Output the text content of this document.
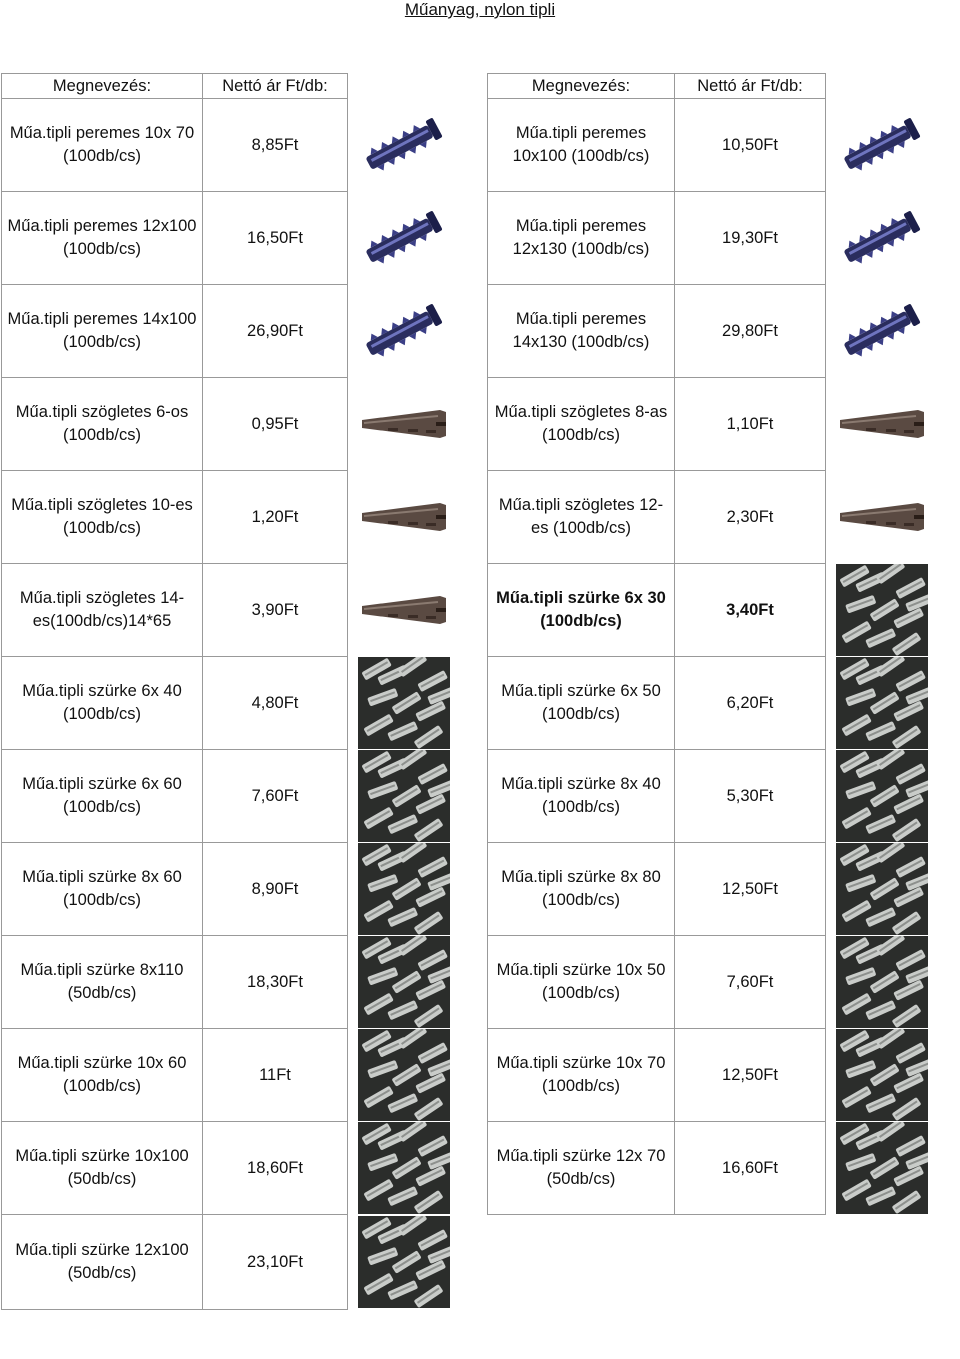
Műanyag, nylon tipli
Megnevezés:	Nettó ár Ft/db:	
Műa.tipli peremes 10x 70 (100db/cs)	8,85Ft	

Műa.tipli peremes 12x100 (100db/cs)	16,50Ft	

Műa.tipli peremes 14x100 (100db/cs)	26,90Ft	

Műa.tipli szögletes 6-os (100db/cs)	0,95Ft	

Műa.tipli szögletes 10-es (100db/cs)	1,20Ft	

Műa.tipli szögletes 14-es(100db/cs)14*65	3,90Ft	

Műa.tipli szürke 6x 40 (100db/cs)	4,80Ft	

Műa.tipli szürke 6x 60 (100db/cs)	7,60Ft	

Műa.tipli szürke 8x 60 (100db/cs)	8,90Ft	

Műa.tipli szürke 8x110 (50db/cs)	18,30Ft	

Műa.tipli szürke 10x 60 (100db/cs)	11Ft	

Műa.tipli szürke 10x100 (50db/cs)	18,60Ft	

Műa.tipli szürke 12x100 (50db/cs)	23,10Ft	
Megnevezés:	Nettó ár Ft/db:	
Műa.tipli peremes 10x100 (100db/cs)	10,50Ft	

Műa.tipli peremes 12x130 (100db/cs)	19,30Ft	

Műa.tipli peremes 14x130 (100db/cs)	29,80Ft	

Műa.tipli szögletes 8-as (100db/cs)	1,10Ft	

Műa.tipli szögletes 12-es (100db/cs)	2,30Ft	

Műa.tipli szürke 6x 30 (100db/cs)	3,40Ft	

Műa.tipli szürke 6x 50 (100db/cs)	6,20Ft	

Műa.tipli szürke 8x 40 (100db/cs)	5,30Ft	

Műa.tipli szürke 8x 80 (100db/cs)	12,50Ft	

Műa.tipli szürke 10x 50 (100db/cs)	7,60Ft	

Műa.tipli szürke 10x 70 (100db/cs)	12,50Ft	

Műa.tipli szürke 12x 70 (50db/cs)	16,60Ft	
